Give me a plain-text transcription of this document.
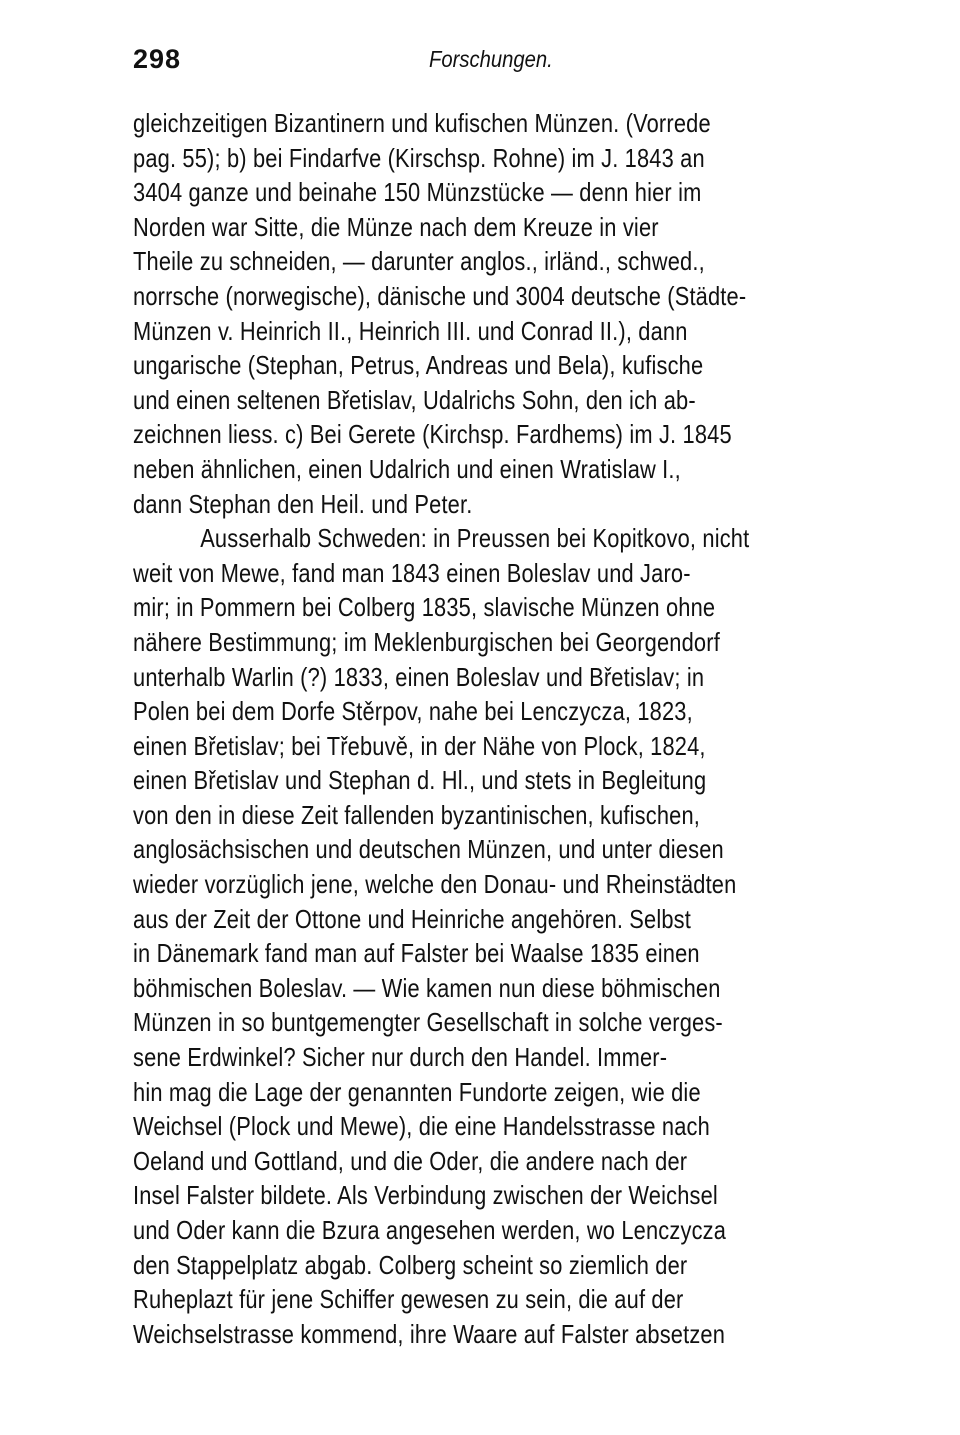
298	Forschungen.
gleichzeitigen Bizantinern und kufischen Münzen. (Vorrede
pag. 55); b) bei Findarfve (Kirschsp. Rohne) im J. 1843 an
3404 ganze und beinahe 150 Münzstücke — denn hier im
Norden war Sitte, die Münze nach dem Kreuze in vier
Theile zu schneiden, — darunter anglos., irländ., schwed.,
norrsche (norwegische), dänische und 3004 deutsche (Städte-
Münzen v. Heinrich II., Heinrich III. und Conrad II.), dann
ungarische (Stephan, Petrus, Andreas und Bela), kufische
und einen seltenen Břetislav, Udalrichs Sohn, den ich ab-
zeichnen liess. c) Bei Gerete (Kirchsp. Fardhems) im J. 1845
neben ähnlichen, einen Udalrich und einen Wratislaw I.,
dann Stephan den Heil. und Peter.
Ausserhalb Schweden: in Preussen bei Kopitkovo, nicht
weit von Mewe, fand man 1843 einen Boleslav und Jaro-
mir; in Pommern bei Colberg 1835, slavische Münzen ohne
nähere Bestimmung; im Meklenburgischen bei Georgendorf
unterhalb Warlin (?) 1833, einen Boleslav und Břetislav; in
Polen bei dem Dorfe Stěrpov, nahe bei Lenczycza, 1823,
einen Břetislav; bei Třebuvě, in der Nähe von Plock, 1824,
einen Břetislav und Stephan d. Hl., und stets in Begleitung
von den in diese Zeit fallenden byzantinischen, kufischen,
anglosächsischen und deutschen Münzen, und unter diesen
wieder vorzüglich jene, welche den Donau- und Rheinstädten
aus der Zeit der Ottone und Heinriche angehören. Selbst
in Dänemark fand man auf Falster bei Waalse 1835 einen
böhmischen Boleslav. — Wie kamen nun diese böhmischen
Münzen in so buntgemengter Gesellschaft in solche verges-
sene Erdwinkel? Sicher nur durch den Handel. Immer-
hin mag die Lage der genannten Fundorte zeigen, wie die
Weichsel (Plock und Mewe), die eine Handelsstrasse nach
Oeland und Gottland, und die Oder, die andere nach der
Insel Falster bildete. Als Verbindung zwischen der Weichsel
und Oder kann die Bzura angesehen werden, wo Lenczycza
den Stappelplatz abgab. Colberg scheint so ziemlich der
Ruheplazt für jene Schiffer gewesen zu sein, die auf der
Weichselstrasse kommend, ihre Waare auf Falster absetzen
